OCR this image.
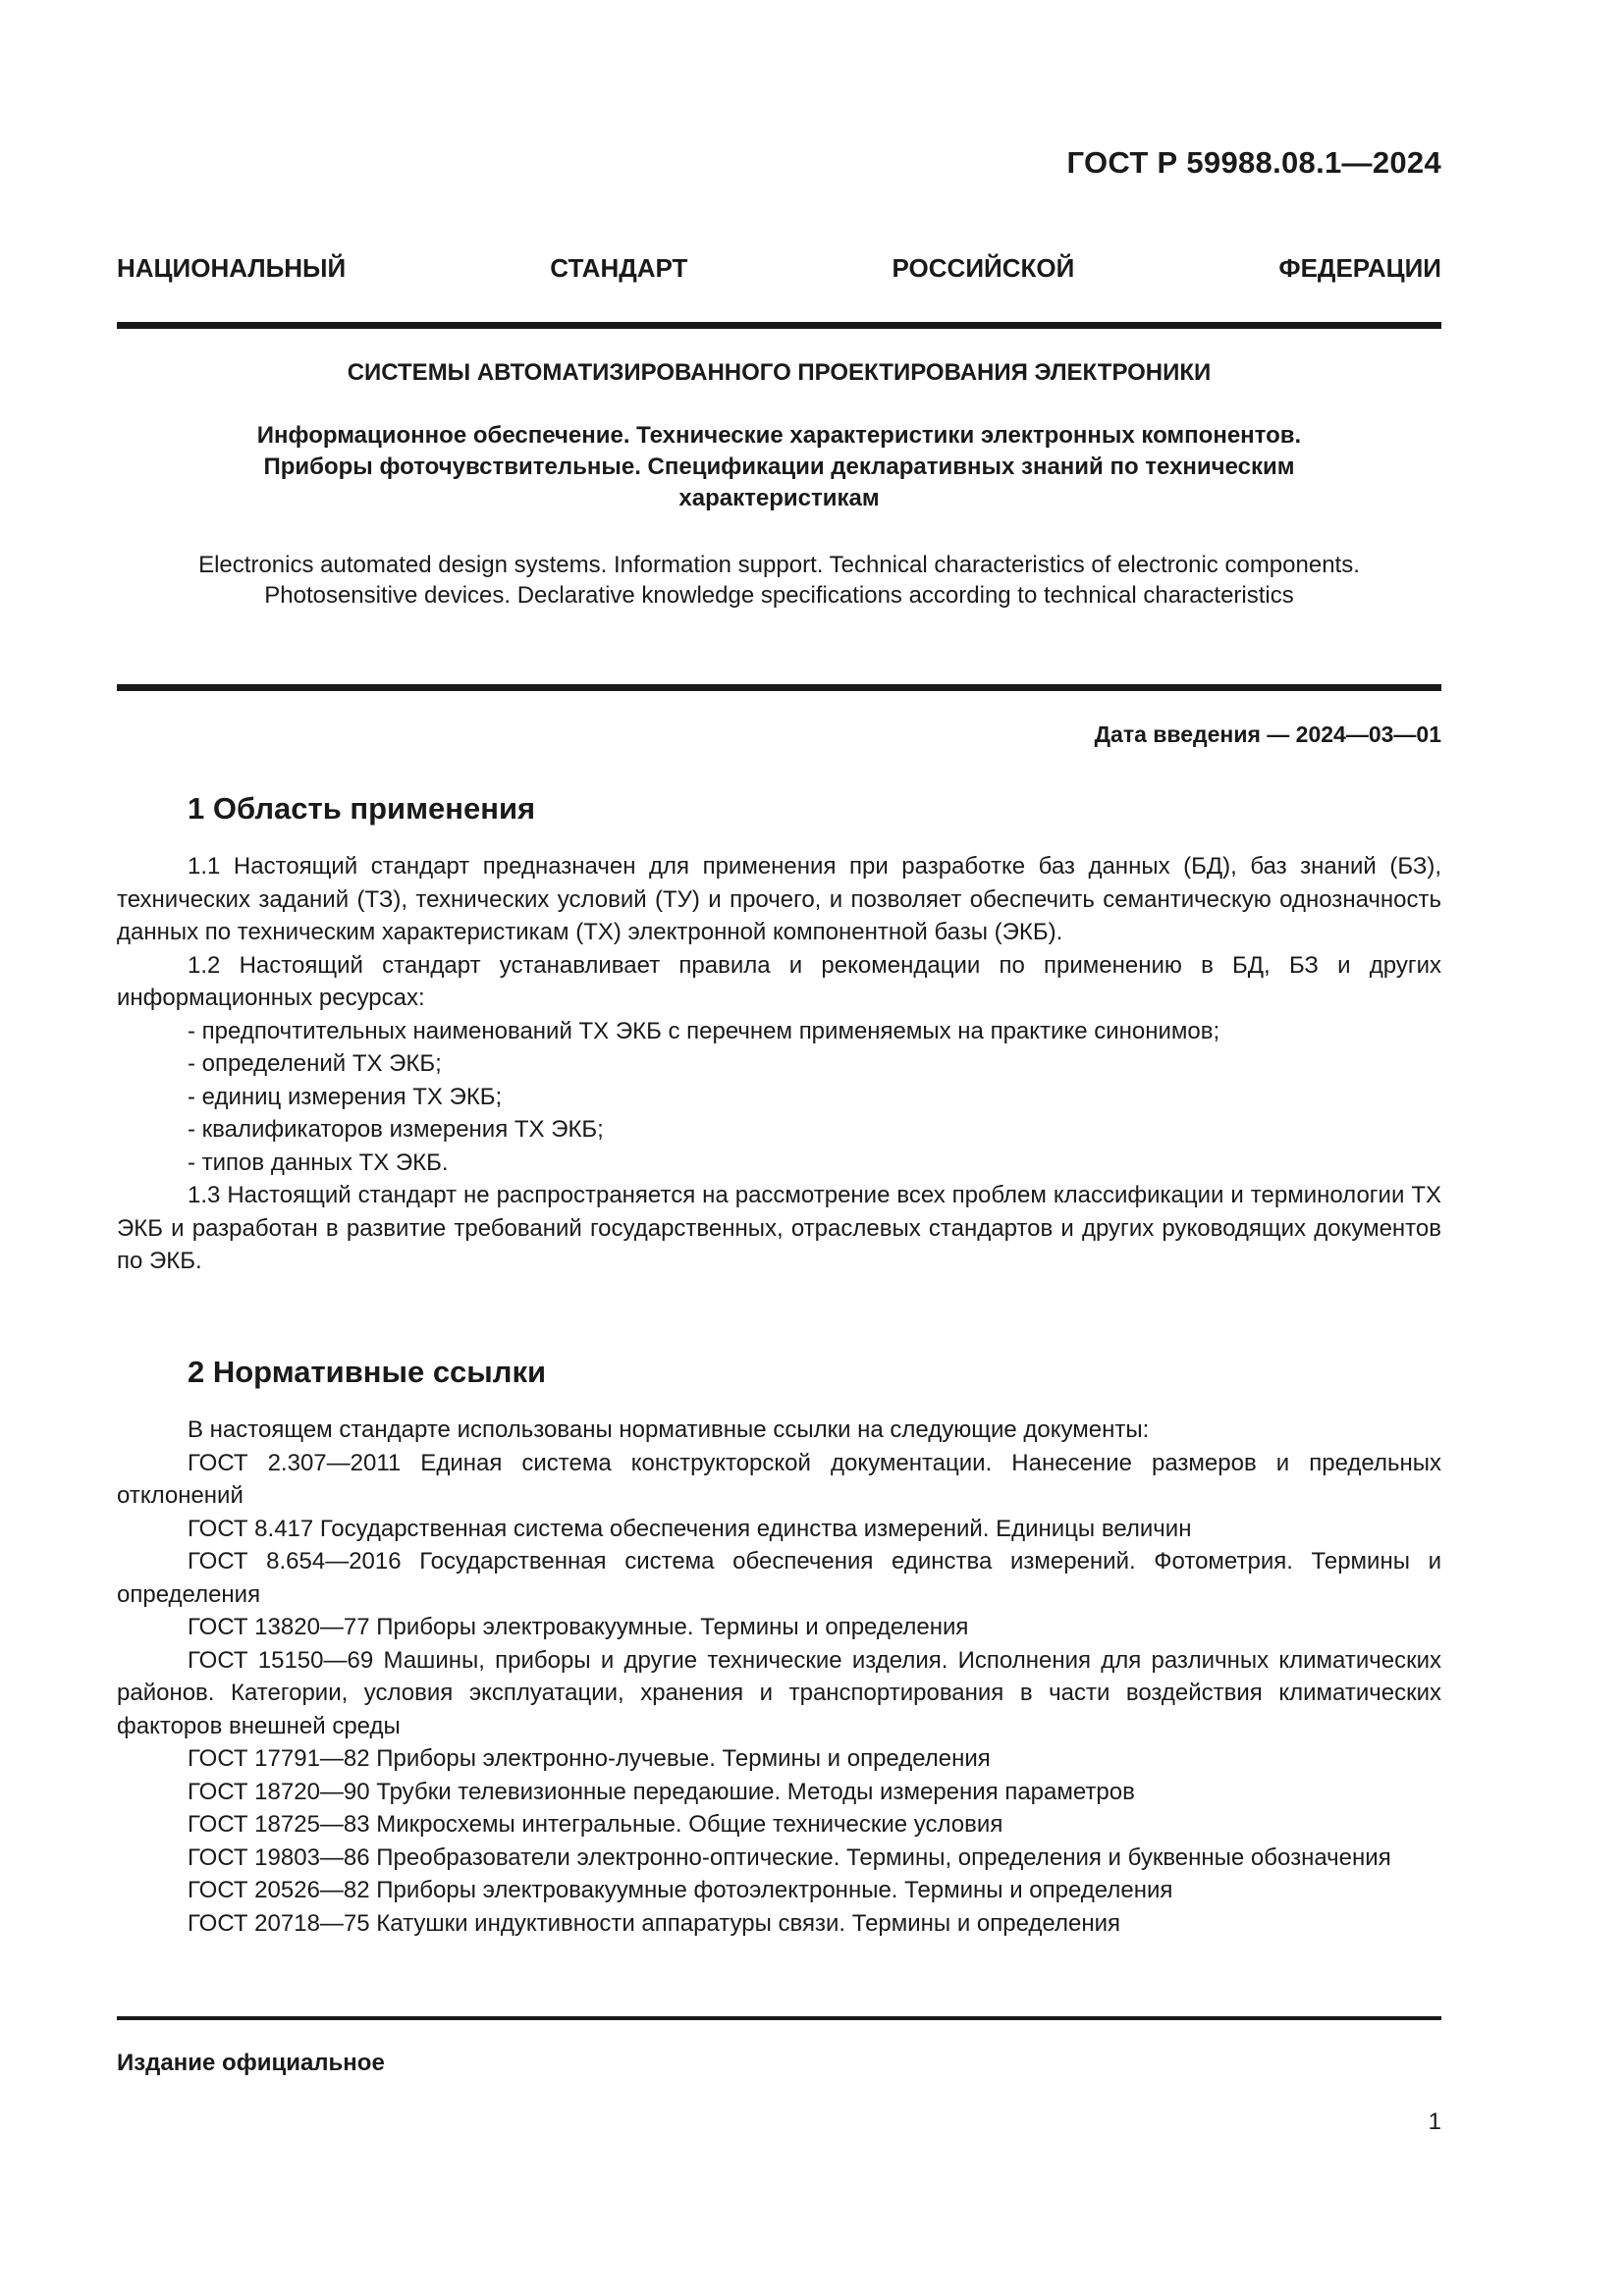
ГОСТ Р 59988.08.1—2024
НАЦИОНАЛЬНЫЙ СТАНДАРТ РОССИЙСКОЙ ФЕДЕРАЦИИ
СИСТЕМЫ АВТОМАТИЗИРОВАННОГО ПРОЕКТИРОВАНИЯ ЭЛЕКТРОНИКИ
Информационное обеспечение. Технические характеристики электронных компонентов.
Приборы фоточувствительные. Спецификации декларативных знаний по техническим
характеристикам
Electronics automated design systems. Information support. Technical characteristics of electronic components.
Photosensitive devices. Declarative knowledge specifications according to technical characteristics
Дата введения — 2024—03—01
1 Область применения

1.1 Настоящий стандарт предназначен для применения при разработке баз данных (БД), баз знаний (БЗ), технических заданий (ТЗ), технических условий (ТУ) и прочего, и позволяет обеспечить семантическую однозначность данных по техническим характеристикам (ТХ) электронной компонентной базы (ЭКБ).

1.2 Настоящий стандарт устанавливает правила и рекомендации по применению в БД, БЗ и других информационных ресурсах:

- предпочтительных наименований ТХ ЭКБ с перечнем применяемых на практике синонимов;

- определений ТХ ЭКБ;

- единиц измерения ТХ ЭКБ;

- квалификаторов измерения ТХ ЭКБ;

- типов данных ТХ ЭКБ.

1.3 Настоящий стандарт не распространяется на рассмотрение всех проблем классификации и терминологии ТХ ЭКБ и разработан в развитие требований государственных, отраслевых стандартов и других руководящих документов по ЭКБ.

2 Нормативные ссылки

В настоящем стандарте использованы нормативные ссылки на следующие документы:

ГОСТ 2.307—2011 Единая система конструкторской документации. Нанесение размеров и предельных отклонений

ГОСТ 8.417 Государственная система обеспечения единства измерений. Единицы величин

ГОСТ 8.654—2016 Государственная система обеспечения единства измерений. Фотометрия. Термины и определения

ГОСТ 13820—77 Приборы электровакуумные. Термины и определения

ГОСТ 15150—69 Машины, приборы и другие технические изделия. Исполнения для различных климатических районов. Категории, условия эксплуатации, хранения и транспортирования в части воздействия климатических факторов внешней среды

ГОСТ 17791—82 Приборы электронно-лучевые. Термины и определения

ГОСТ 18720—90 Трубки телевизионные передаюшие. Методы измерения параметров

ГОСТ 18725—83 Микросхемы интегральные. Общие технические условия

ГОСТ 19803—86 Преобразователи электронно-оптические. Термины, определения и буквенные обозначения

ГОСТ 20526—82 Приборы электровакуумные фотоэлектронные. Термины и определения

ГОСТ 20718—75 Катушки индуктивности аппаратуры связи. Термины и определения

Издание официальное
1
